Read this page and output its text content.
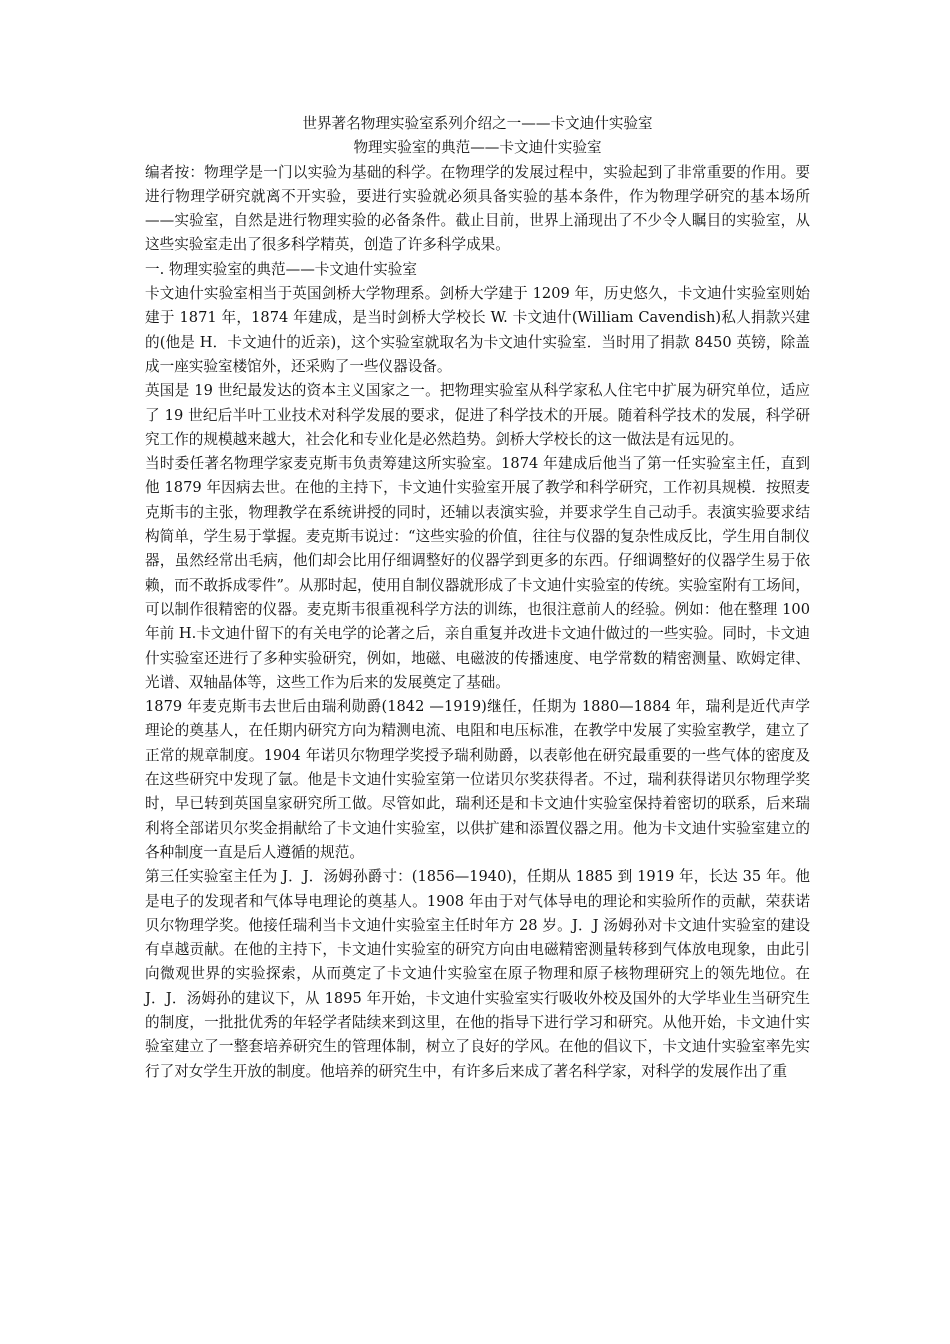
世界著名物理实验室系列介绍之一——卡文迪什实验室
物理实验室的典范——卡文迪什实验室

编者按：物理学是一门以实验为基础的科学。在物理学的发展过程中，实验起到了非常重要的作用。要进行物理学研究就离不开实验，要进行实验就必须具备实验的基本条件，作为物理学研究的基本场所——实验室，自然是进行物理实验的必备条件。截止目前，世界上涌现出了不少令人瞩目的实验室，从这些实验室走出了很多科学精英，创造了许多科学成果。

一. 物理实验室的典范——卡文迪什实验室

卡文迪什实验室相当于英国剑桥大学物理系。剑桥大学建于 1209 年，历史悠久，卡文迪什实验室则始建于 1871 年，1874 年建成，是当时剑桥大学校长 W. 卡文迪什(William Cavendish)私人捐款兴建的(他是 H．卡文迪什的近亲)，这个实验室就取名为卡文迪什实验室．当时用了捐款 8450 英镑，除盖成一座实验室楼馆外，还采购了一些仪器设备。

英国是 19 世纪最发达的资本主义国家之一。把物理实验室从科学家私人住宅中扩展为研究单位，适应了 19 世纪后半叶工业技术对科学发展的要求，促进了科学技术的开展。随着科学技术的发展，科学研究工作的规模越来越大，社会化和专业化是必然趋势。剑桥大学校长的这一做法是有远见的。

当时委任著名物理学家麦克斯韦负责筹建这所实验室。1874 年建成后他当了第一任实验室主任，直到他 1879 年因病去世。在他的主持下，卡文迪什实验室开展了教学和科学研究，工作初具规模．按照麦克斯韦的主张，物理教学在系统讲授的同时，还辅以表演实验，并要求学生自己动手。表演实验要求结构简单，学生易于掌握。麦克斯韦说过：“这些实验的价值，往往与仪器的复杂性成反比，学生用自制仪器，虽然经常出毛病，他们却会比用仔细调整好的仪器学到更多的东西。仔细调整好的仪器学生易于依赖，而不敢拆成零件”。从那时起，使用自制仪器就形成了卡文迪什实验室的传统。实验室附有工场间，可以制作很精密的仪器。麦克斯韦很重视科学方法的训练，也很注意前人的经验。例如：他在整理 100 年前 H.卡文迪什留下的有关电学的论著之后，亲自重复并改进卡文迪什做过的一些实验。同时，卡文迪什实验室还进行了多种实验研究，例如，地磁、电磁波的传播速度、电学常数的精密测量、欧姆定律、光谱、双轴晶体等，这些工作为后来的发展奠定了基础。

1879 年麦克斯韦去世后由瑞利勋爵(1842 —1919)继任，任期为 1880—1884 年，瑞利是近代声学理论的奠基人，在任期内研究方向为精测电流、电阻和电压标准，在教学中发展了实验室教学，建立了正常的规章制度。1904 年诺贝尔物理学奖授予瑞利勋爵，以表彰他在研究最重要的一些气体的密度及在这些研究中发现了氩。他是卡文迪什实验室第一位诺贝尔奖获得者。不过，瑞利获得诺贝尔物理学奖时，早已转到英国皇家研究所工做。尽管如此，瑞利还是和卡文迪什实验室保持着密切的联系，后来瑞利将全部诺贝尔奖金捐献给了卡文迪什实验室，以供扩建和添置仪器之用。他为卡文迪什实验室建立的各种制度一直是后人遵循的规范。

第三任实验室主任为 J．J．汤姆孙爵寸：(1856—1940)，任期从 1885 到 1919 年，长达 35 年。他是电子的发现者和气体导电理论的奠基人。1908 年由于对气体导电的理论和实验所作的贡献，荣获诺贝尔物理学奖。他接任瑞利当卡文迪什实验室主任时年方 28 岁。J．J 汤姆孙对卡文迪什实验室的建设有卓越贡献。在他的主持下，卡文迪什实验室的研究方向由电磁精密测量转移到气体放电现象，由此引向微观世界的实验探索，从而奠定了卡文迪什实验室在原子物理和原子核物理研究上的领先地位。在 J．J．汤姆孙的建议下，从 1895 年开始，卡文迪什实验室实行吸收外校及国外的大学毕业生当研究生的制度，一批批优秀的年轻学者陆续来到这里，在他的指导下进行学习和研究。从他开始，卡文迪什实验室建立了一整套培养研究生的管理体制，树立了良好的学风。在他的倡议下，卡文迪什实验室率先实行了对女学生开放的制度。他培养的研究生中，有许多后来成了著名科学家，对科学的发展作出了重
